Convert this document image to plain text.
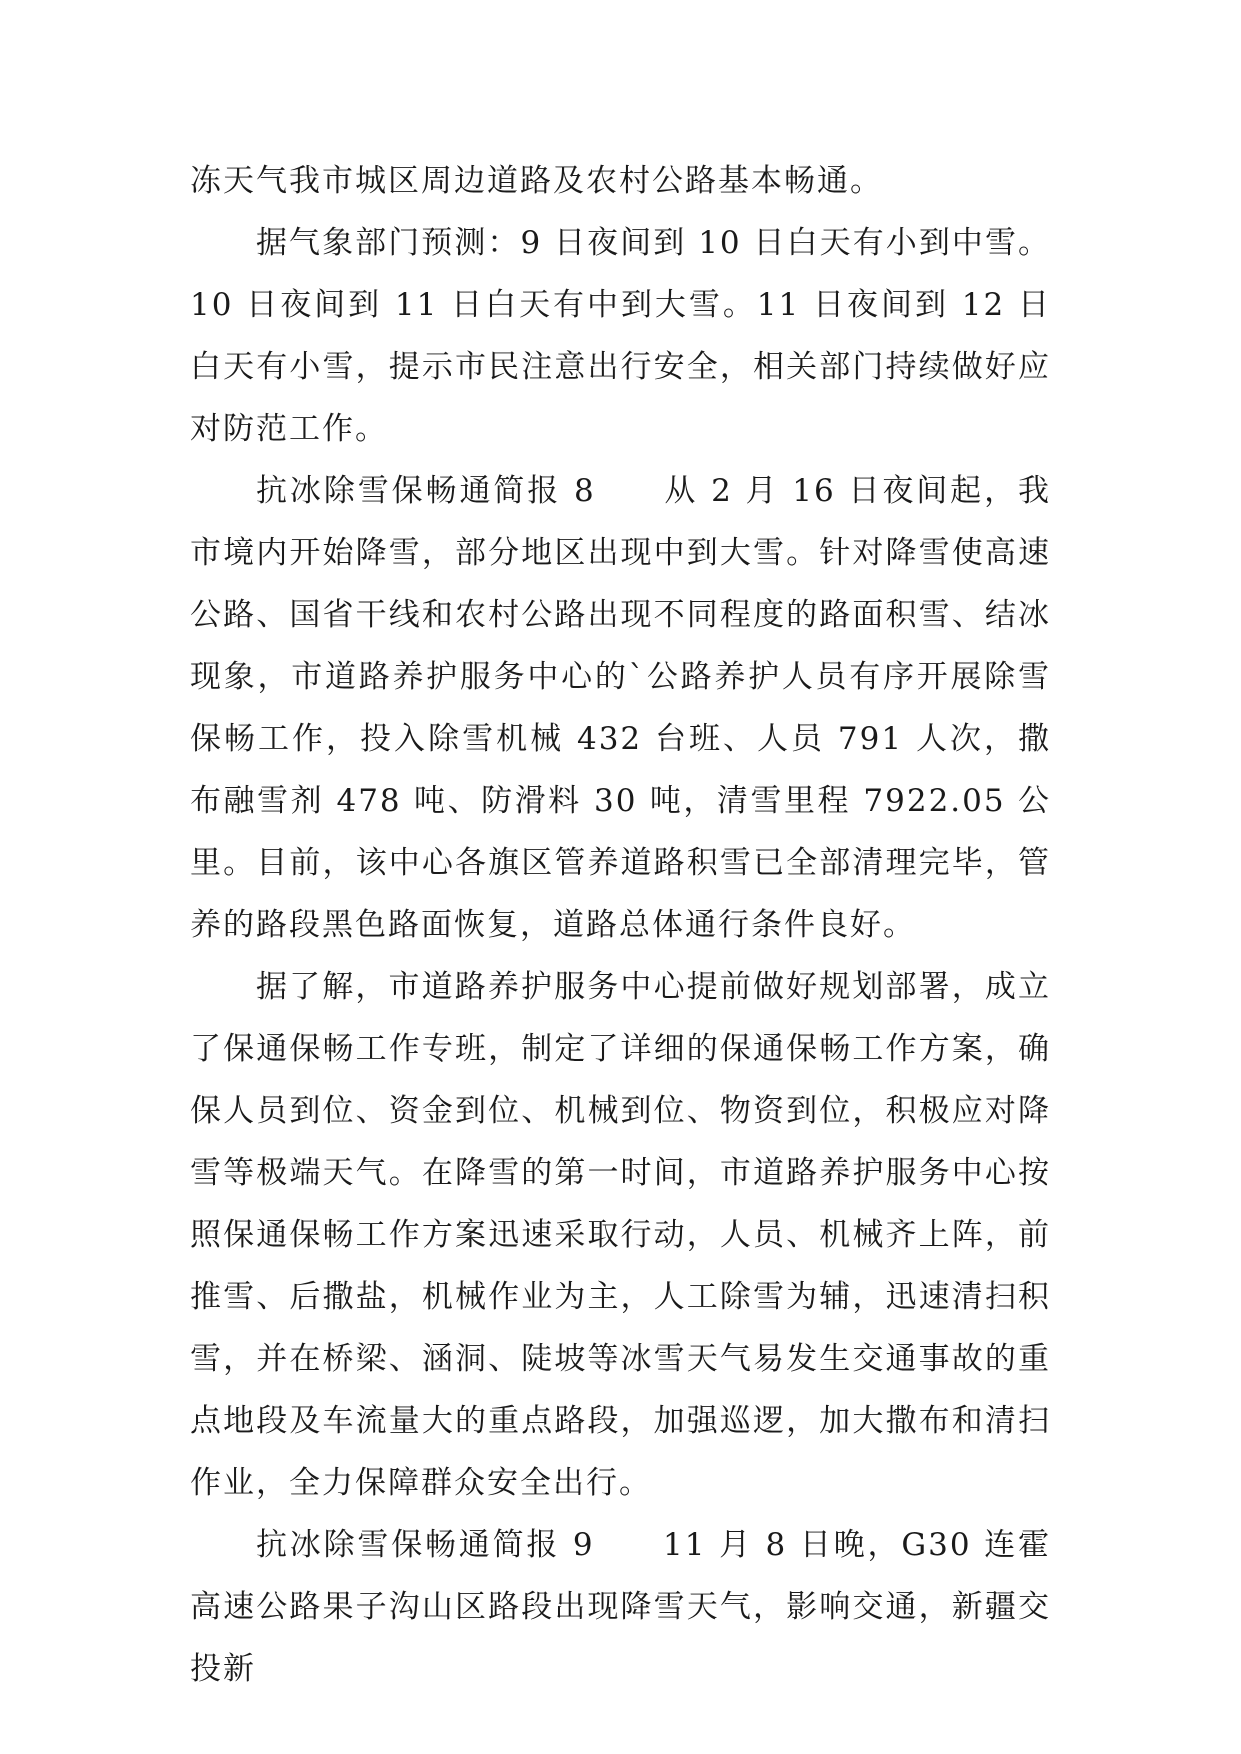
冻天气我市城区周边道路及农村公路基本畅通。

据气象部门预测：9 日夜间到 10 日白天有小到中雪。10 日夜间到 11 日白天有中到大雪。11 日夜间到 12 日白天有小雪，提示市民注意出行安全，相关部门持续做好应对防范工作。

抗冰除雪保畅通简报 8　　从 2 月 16 日夜间起，我市境内开始降雪，部分地区出现中到大雪。针对降雪使高速公路、国省干线和农村公路出现不同程度的路面积雪、结冰现象，市道路养护服务中心的`公路养护人员有序开展除雪保畅工作，投入除雪机械 432 台班、人员 791 人次，撒布融雪剂 478 吨、防滑料 30 吨，清雪里程 7922.05 公里。目前，该中心各旗区管养道路积雪已全部清理完毕，管养的路段黑色路面恢复，道路总体通行条件良好。

据了解，市道路养护服务中心提前做好规划部署，成立了保通保畅工作专班，制定了详细的保通保畅工作方案，确保人员到位、资金到位、机械到位、物资到位，积极应对降雪等极端天气。在降雪的第一时间，市道路养护服务中心按照保通保畅工作方案迅速采取行动，人员、机械齐上阵，前推雪、后撒盐，机械作业为主，人工除雪为辅，迅速清扫积雪，并在桥梁、涵洞、陡坡等冰雪天气易发生交通事故的重点地段及车流量大的重点路段，加强巡逻，加大撒布和清扫作业，全力保障群众安全出行。

抗冰除雪保畅通简报 9　　11 月 8 日晚，G30 连霍高速公路果子沟山区路段出现降雪天气，影响交通，新疆交投新
